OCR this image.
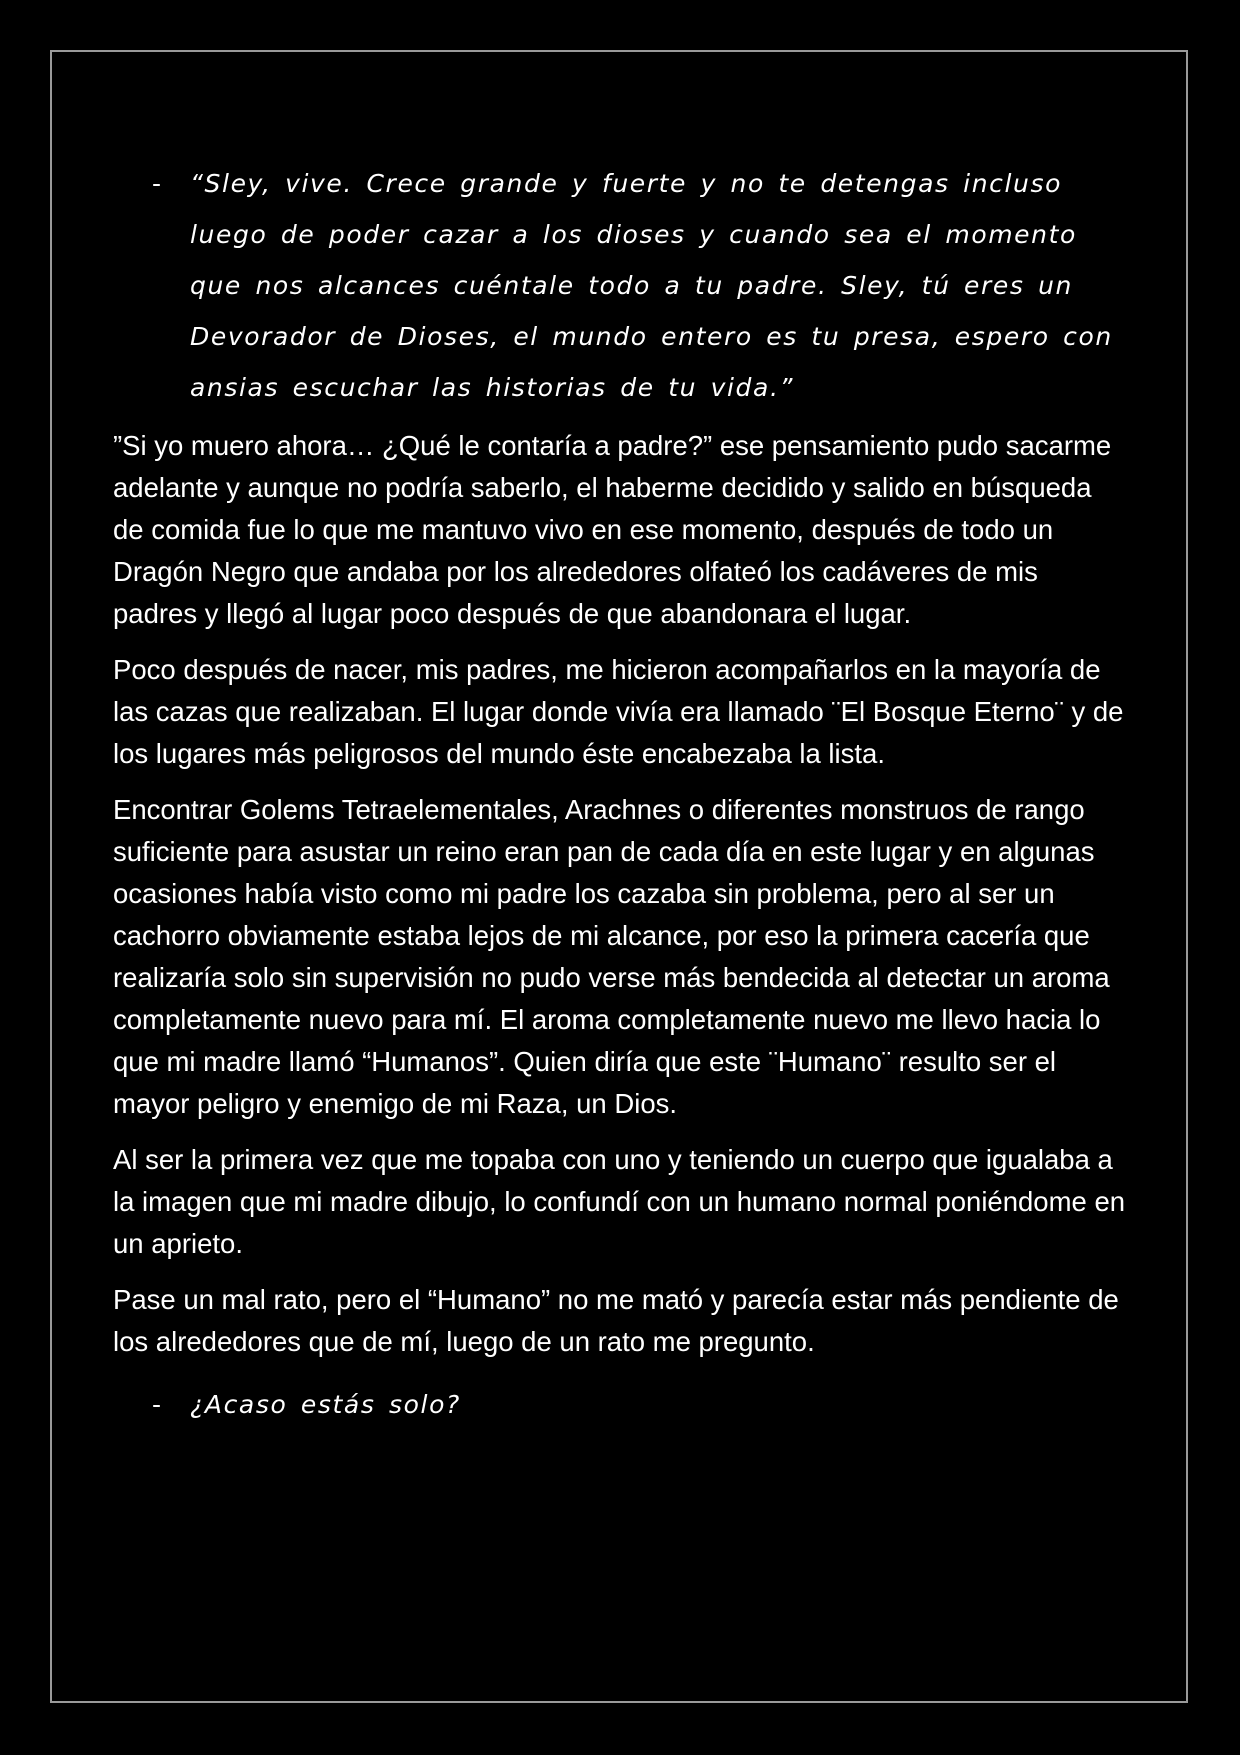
- “Sley, vive. Crece grande y fuerte y no te detengas incluso luego de poder cazar a los dioses y cuando sea el momento que nos alcances cuéntale todo a tu padre. Sley, tú eres un Devorador de Dioses, el mundo entero es tu presa, espero con ansias escuchar las historias de tu vida.”

”Si yo muero ahora… ¿Qué le contaría a padre?” ese pensamiento pudo sacarme adelante y aunque no podría saberlo, el haberme decidido y salido en búsqueda de comida fue lo que me mantuvo vivo en ese momento, después de todo un Dragón Negro que andaba por los alrededores olfateó los cadáveres de mis padres y llegó al lugar poco después de que abandonara el lugar.

Poco después de nacer, mis padres, me hicieron acompañarlos en la mayoría de las cazas que realizaban. El lugar donde vivía era llamado ¨El Bosque Eterno¨ y de los lugares más peligrosos del mundo éste encabezaba la lista.

Encontrar Golems Tetraelementales, Arachnes o diferentes monstruos de rango suficiente para asustar un reino eran pan de cada día en este lugar y en algunas ocasiones había visto como mi padre los cazaba sin problema, pero al ser un cachorro obviamente estaba lejos de mi alcance, por eso la primera cacería que realizaría solo sin supervisión no pudo verse más bendecida al detectar un aroma completamente nuevo para mí. El aroma completamente nuevo me llevo hacia lo que mi madre llamó “Humanos”. Quien diría que este ¨Humano¨ resulto ser el mayor peligro y enemigo de mi Raza, un Dios.

Al ser la primera vez que me topaba con uno y teniendo un cuerpo que igualaba a la imagen que mi madre dibujo, lo confundí con un humano normal poniéndome en un aprieto.

Pase un mal rato, pero el “Humano” no me mató y parecía estar más pendiente de los alrededores que de mí, luego de un rato me pregunto.

- ¿Acaso estás solo?
